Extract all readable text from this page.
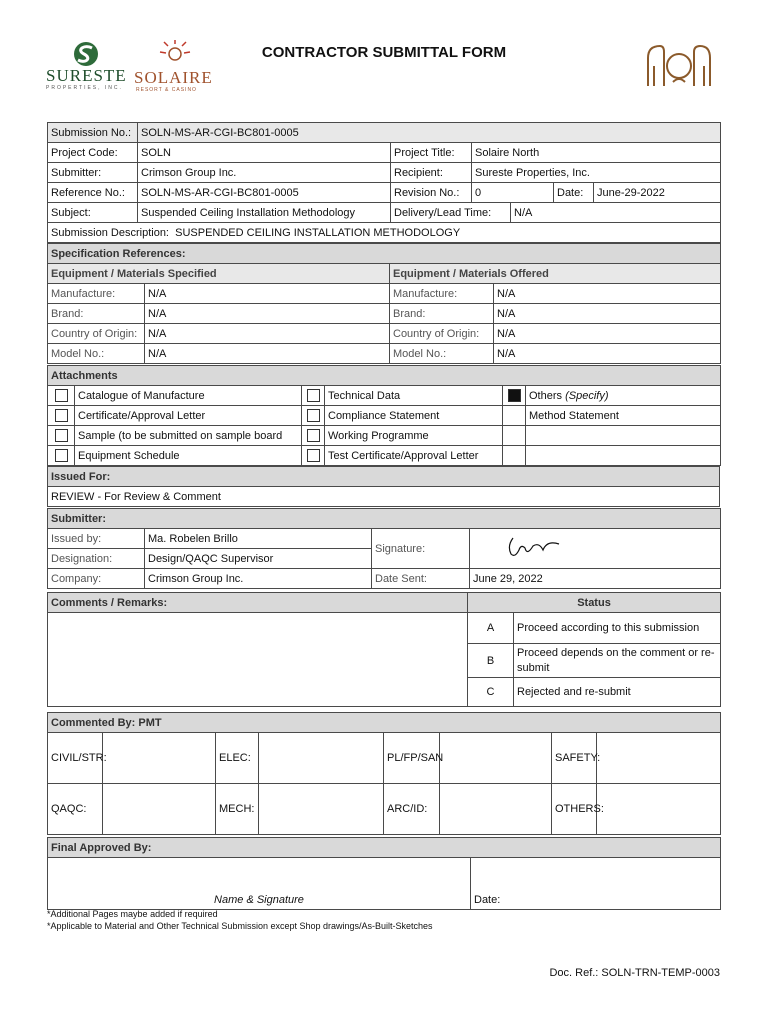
SURESTE
PROPERTIES, INC.
SOLAIRE
RESORT & CASINO
CONTRACTOR SUBMITTAL FORM
Submission No.:	SOLN-MS-AR-CGI-BC801-0005					
Project Code:	SOLN	Project Title:	Solaire North			
Submitter:	Crimson Group Inc.	Recipient:	Sureste Properties, Inc.			
Reference No.:	SOLN-MS-AR-CGI-BC801-0005	Revision No.:	0		Date:	June-29-2022
Subject:	Suspended Ceiling Installation Methodology	Delivery/Lead Time:		N/A		
Submission Description: SUSPENDED CEILING INSTALLATION METHODOLOGY						
Specification References:			
Equipment / Materials Specified		Equipment / Materials Offered	
Manufacture:	N/A	Manufacture:	N/A
Brand:	N/A	Brand:	N/A
Country of Origin:	N/A	Country of Origin:	N/A
Model No.:	N/A	Model No.:	N/A
Attachments					
	Catalogue of Manufacture		Technical Data		Others (Specify)
	Certificate/Approval Letter		Compliance Statement		Method Statement
	Sample (to be submitted on sample board		Working Programme		
	Equipment Schedule		Test Certificate/Approval Letter		
Issued For:
REVIEW - For Review & Comment
Submitter:			
Issued by:	Ma. Robelen Brillo	Signature:	
Designation:	Design/QAQC Supervisor		
Company:	Crimson Group Inc.	Date Sent:	June 29, 2022
Comments / Remarks:	Status	
	A	Proceed according to this submission
	B	Proceed depends on the comment or re-submit
	C	Rejected and re-submit
Commented By: PMT							
CIVIL/STR:		ELEC:		PL/FP/SAN		SAFETY:	
QAQC:		MECH:		ARC/ID:		OTHERS:	
Final Approved By:
Name & Signature	Date:
*Additional Pages maybe added if required
*Applicable to Material and Other Technical Submission except Shop drawings/As-Built-Sketches
Doc. Ref.: SOLN-TRN-TEMP-0003
